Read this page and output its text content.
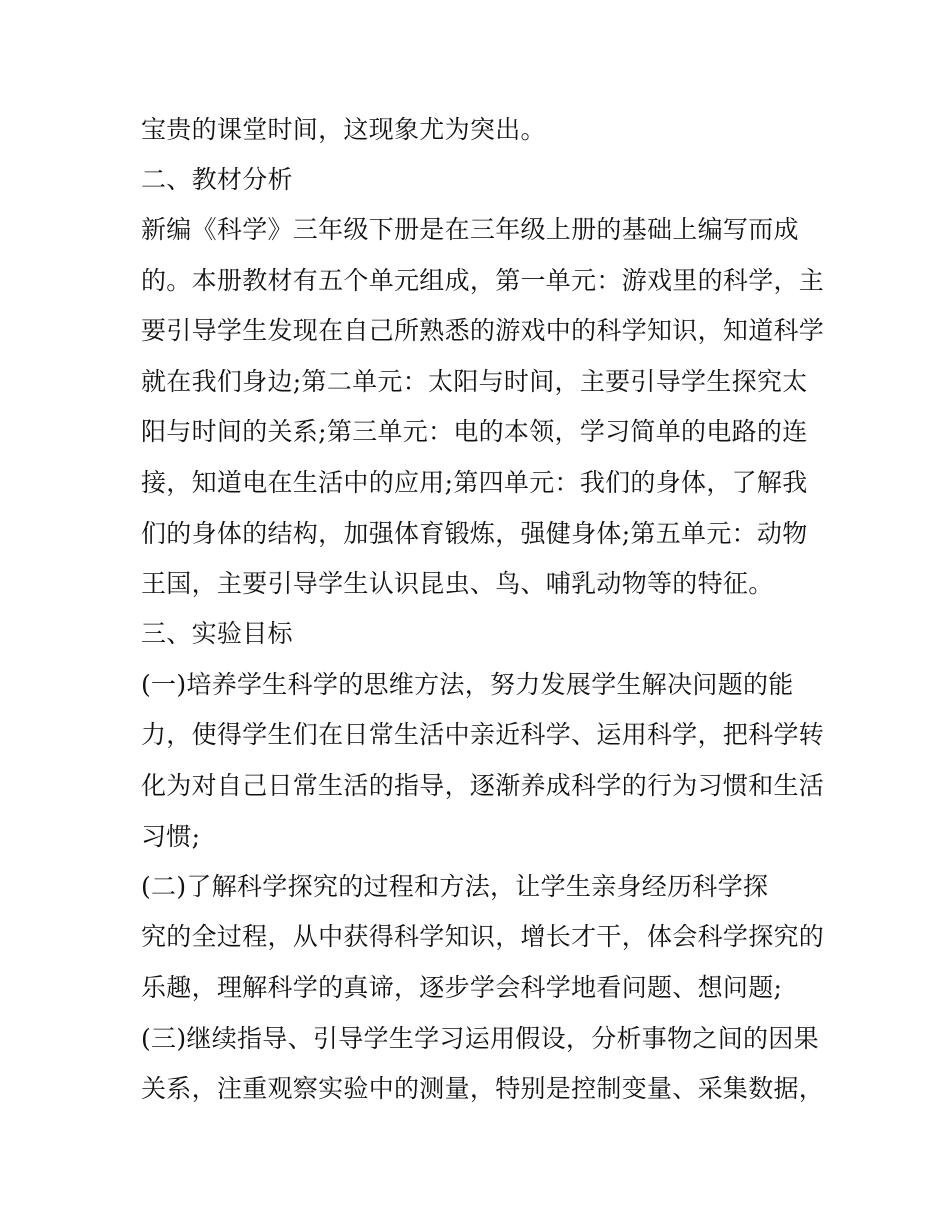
宝贵的课堂时间，这现象尤为突出。
二、教材分析
新编《科学》三年级下册是在三年级上册的基础上编写而成
的。本册教材有五个单元组成，第一单元：游戏里的科学，主
要引导学生发现在自己所熟悉的游戏中的科学知识，知道科学
就在我们身边;第二单元：太阳与时间，主要引导学生探究太
阳与时间的关系;第三单元：电的本领，学习简单的电路的连
接，知道电在生活中的应用;第四单元：我们的身体，了解我
们的身体的结构，加强体育锻炼，强健身体;第五单元：动物
王国，主要引导学生认识昆虫、鸟、哺乳动物等的特征。
三、实验目标
(一)培养学生科学的思维方法，努力发展学生解决问题的能
力，使得学生们在日常生活中亲近科学、运用科学，把科学转
化为对自己日常生活的指导，逐渐养成科学的行为习惯和生活
习惯;
(二)了解科学探究的过程和方法，让学生亲身经历科学探
究的全过程，从中获得科学知识，增长才干，体会科学探究的
乐趣，理解科学的真谛，逐步学会科学地看问题、想问题;
(三)继续指导、引导学生学习运用假设，分析事物之间的因果
关系，注重观察实验中的测量，特别是控制变量、采集数据，
